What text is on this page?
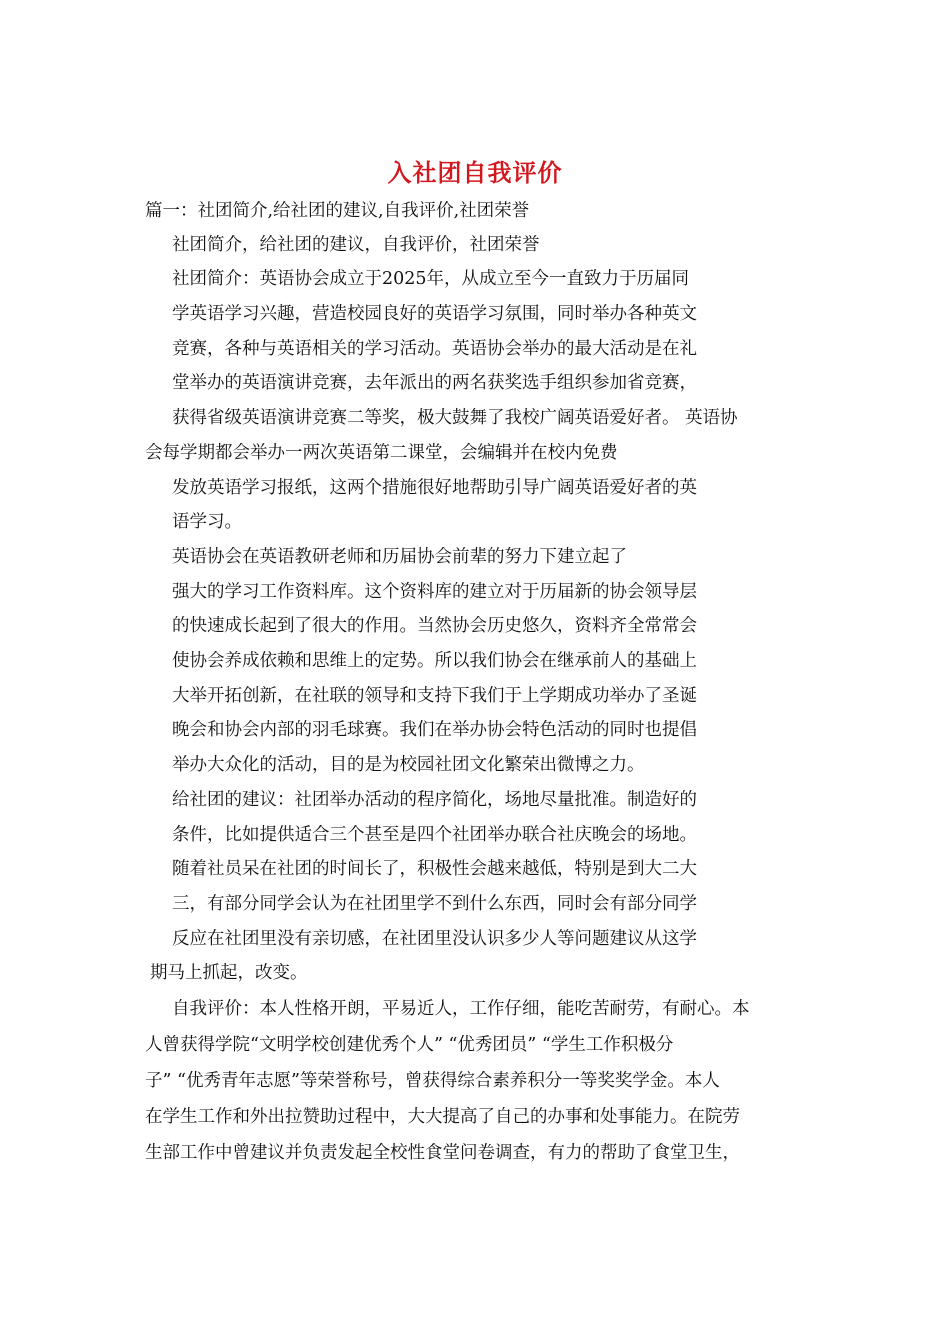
入社团自我评价
篇一：社团简介,给社团的建议,自我评价,社团荣誉
社团简介，给社团的建议，自我评价，社团荣誉
社团简介：英语协会成立于2025年，从成立至今一直致力于历届同
学英语学习兴趣，营造校园良好的英语学习氛围，同时举办各种英文
竞赛，各种与英语相关的学习活动。英语协会举办的最大活动是在礼
堂举办的英语演讲竞赛，去年派出的两名获奖选手组织参加省竞赛，
获得省级英语演讲竞赛二等奖，极大鼓舞了我校广阔英语爱好者。 英语协
会每学期都会举办一两次英语第二课堂，会编辑并在校内免费
发放英语学习报纸，这两个措施很好地帮助引导广阔英语爱好者的英
语学习。
英语协会在英语教研老师和历届协会前辈的努力下建立起了
强大的学习工作资料库。这个资料库的建立对于历届新的协会领导层
的快速成长起到了很大的作用。当然协会历史悠久，资料齐全常常会
使协会养成依赖和思维上的定势。所以我们协会在继承前人的基础上
大举开拓创新，在社联的领导和支持下我们于上学期成功举办了圣诞
晚会和协会内部的羽毛球赛。我们在举办协会特色活动的同时也提倡
举办大众化的活动，目的是为校园社团文化繁荣出微博之力。
给社团的建议：社团举办活动的程序简化，场地尽量批准。制造好的
条件，比如提供适合三个甚至是四个社团举办联合社庆晚会的场地。
随着社员呆在社团的时间长了，积极性会越来越低，特别是到大二大
三，有部分同学会认为在社团里学不到什么东西，同时会有部分同学
反应在社团里没有亲切感，在社团里没认识多少人等问题建议从这学
期马上抓起，改变。
自我评价：本人性格开朗，平易近人，工作仔细，能吃苦耐劳，有耐心。本
人曾获得学院“文明学校创建优秀个人” “优秀团员” “学生工作积极分
子” “优秀青年志愿”等荣誉称号，曾获得综合素养积分一等奖奖学金。本人
在学生工作和外出拉赞助过程中，大大提高了自己的办事和处事能力。在院劳
生部工作中曾建议并负责发起全校性食堂问卷调查，有力的帮助了食堂卫生，
